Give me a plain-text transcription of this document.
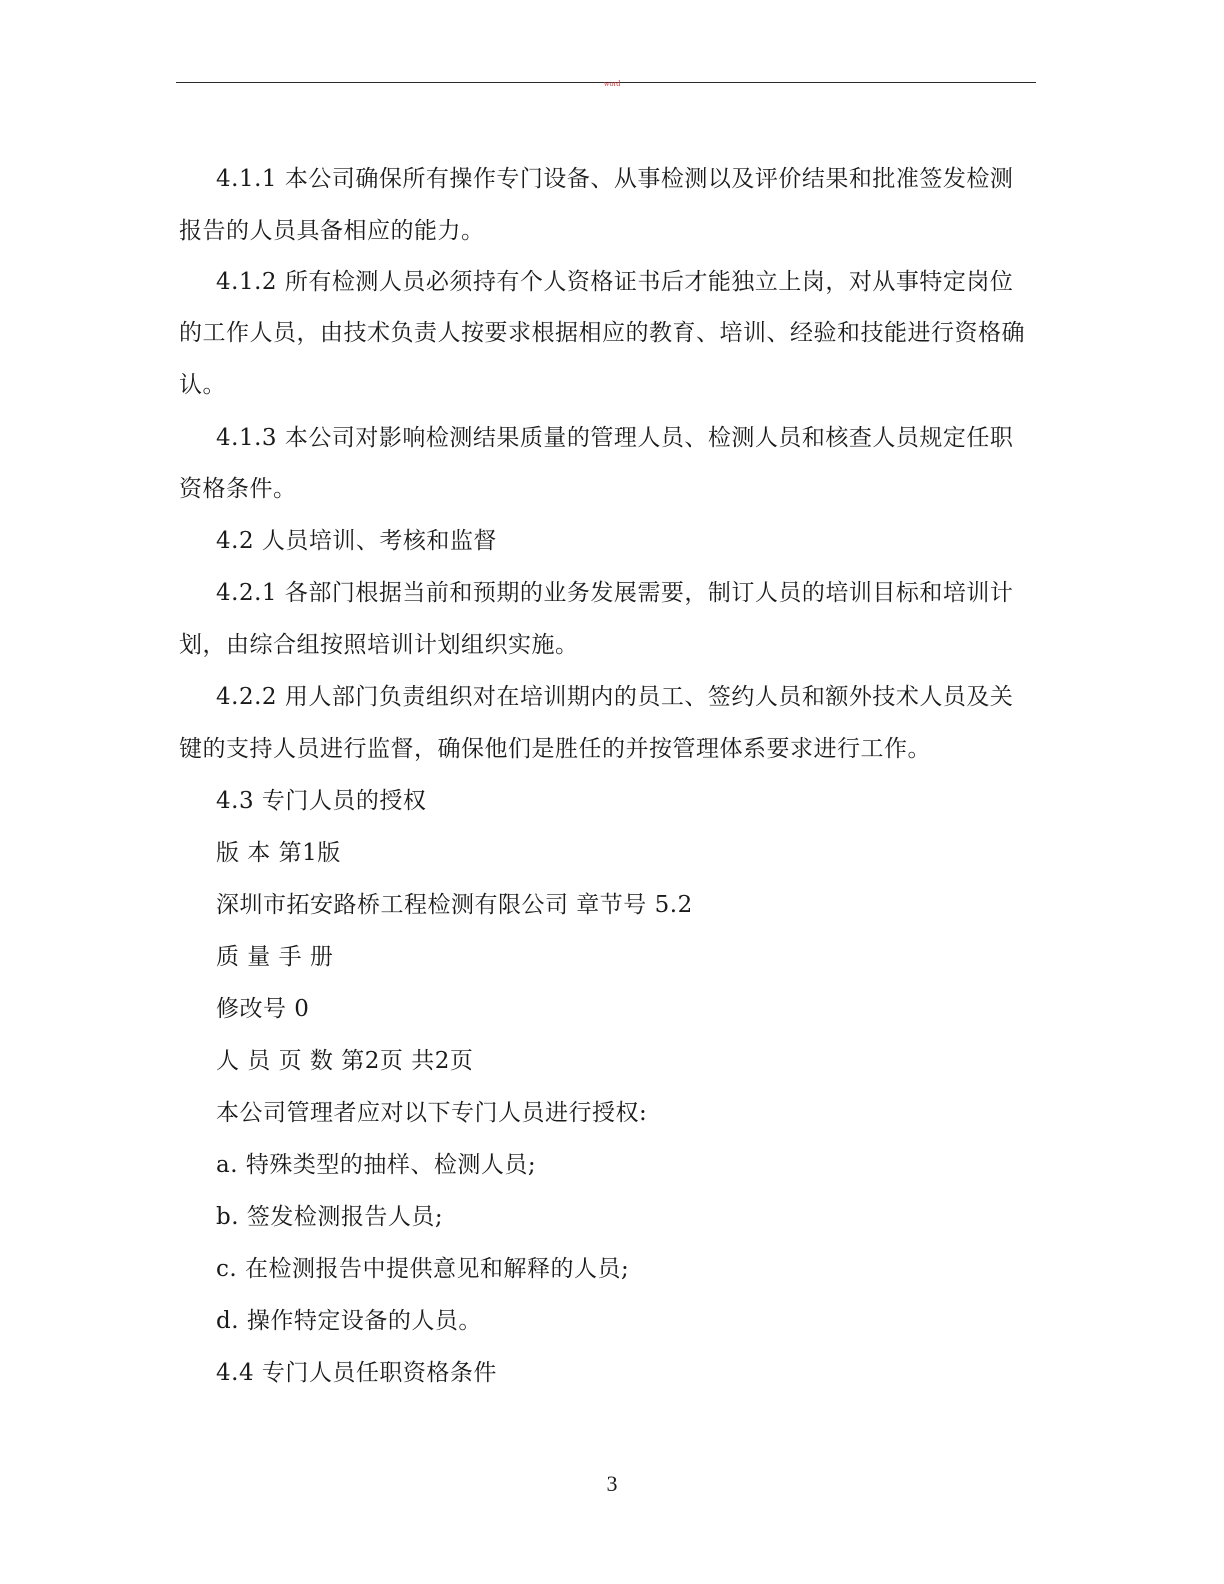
word
4.1.1 本公司确保所有操作专门设备、从事检测以及评价结果和批准签发检测
报告的人员具备相应的能力。
4.1.2 所有检测人员必须持有个人资格证书后才能独立上岗，对从事特定岗位
的工作人员，由技术负责人按要求根据相应的教育、培训、经验和技能进行资格确
认。
4.1.3 本公司对影响检测结果质量的管理人员、检测人员和核查人员规定任职
资格条件。
4.2 人员培训、考核和监督
4.2.1 各部门根据当前和预期的业务发展需要，制订人员的培训目标和培训计
划，由综合组按照培训计划组织实施。
4.2.2 用人部门负责组织对在培训期内的员工、签约人员和额外技术人员及关
键的支持人员进行监督，确保他们是胜任的并按管理体系要求进行工作。
4.3 专门人员的授权
版 本 第1版
深圳市拓安路桥工程检测有限公司 章节号 5.2
质 量 手 册
修改号 0
人 员 页 数 第2页 共2页
本公司管理者应对以下专门人员进行授权:
a. 特殊类型的抽样、检测人员;
b. 签发检测报告人员;
c. 在检测报告中提供意见和解释的人员;
d. 操作特定设备的人员。
4.4 专门人员任职资格条件
3
